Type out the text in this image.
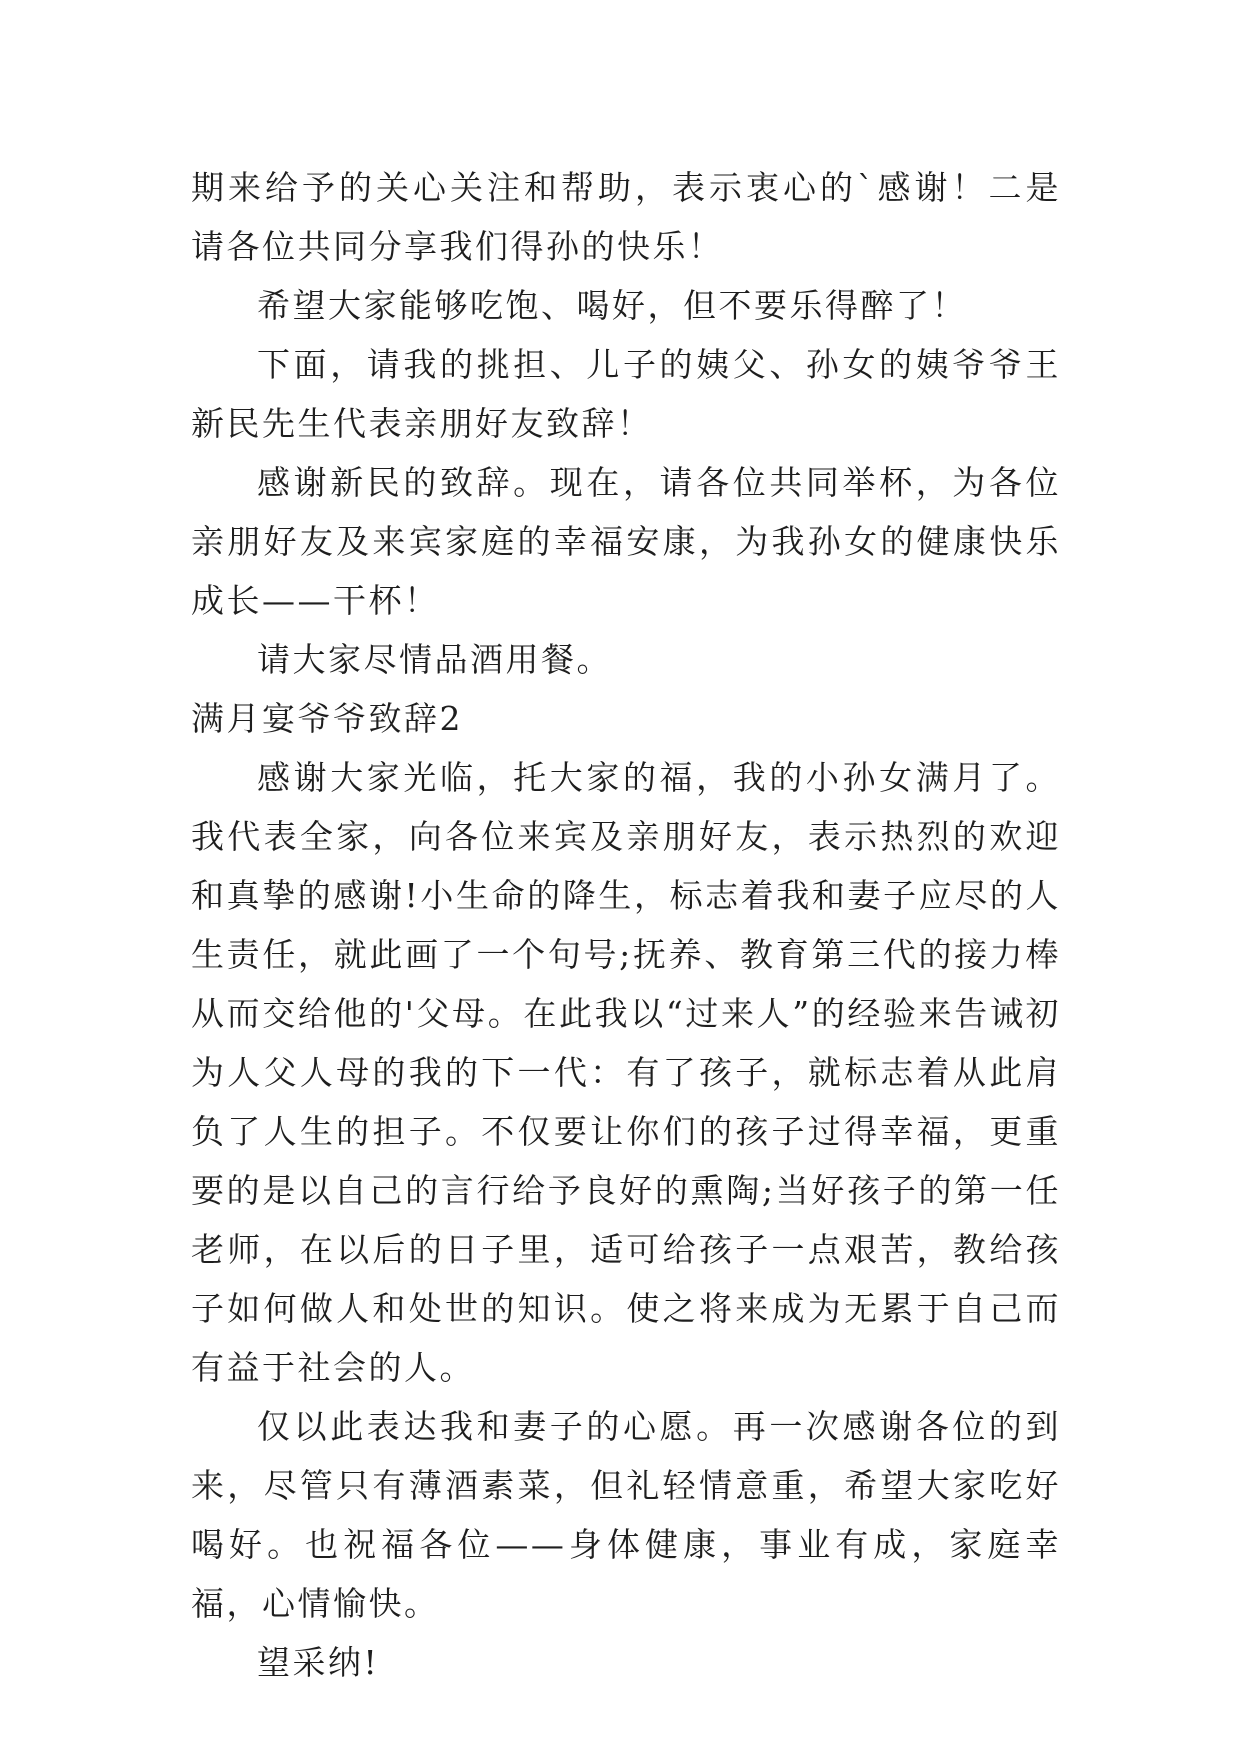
期来给予的关心关注和帮助，表示衷心的`感谢！二是请各位共同分享我们得孙的快乐！

希望大家能够吃饱、喝好，但不要乐得醉了！

下面，请我的挑担、儿子的姨父、孙女的姨爷爷王新民先生代表亲朋好友致辞！

感谢新民的致辞。现在，请各位共同举杯，为各位亲朋好友及来宾家庭的幸福安康，为我孙女的健康快乐成长——干杯！

请大家尽情品酒用餐。

满月宴爷爷致辞2

感谢大家光临，托大家的福，我的小孙女满月了。我代表全家，向各位来宾及亲朋好友，表示热烈的欢迎和真挚的感谢!小生命的降生，标志着我和妻子应尽的人生责任，就此画了一个句号;抚养、教育第三代的接力棒从而交给他的'父母。在此我以“过来人”的经验来告诫初为人父人母的我的下一代：有了孩子，就标志着从此肩负了人生的担子。不仅要让你们的孩子过得幸福，更重要的是以自己的言行给予良好的熏陶;当好孩子的第一任老师，在以后的日子里，适可给孩子一点艰苦，教给孩子如何做人和处世的知识。使之将来成为无累于自己而有益于社会的人。

仅以此表达我和妻子的心愿。再一次感谢各位的到来，尽管只有薄酒素菜，但礼轻情意重，希望大家吃好喝好。也祝福各位——身体健康，事业有成，家庭幸福，心情愉快。

望采纳!
